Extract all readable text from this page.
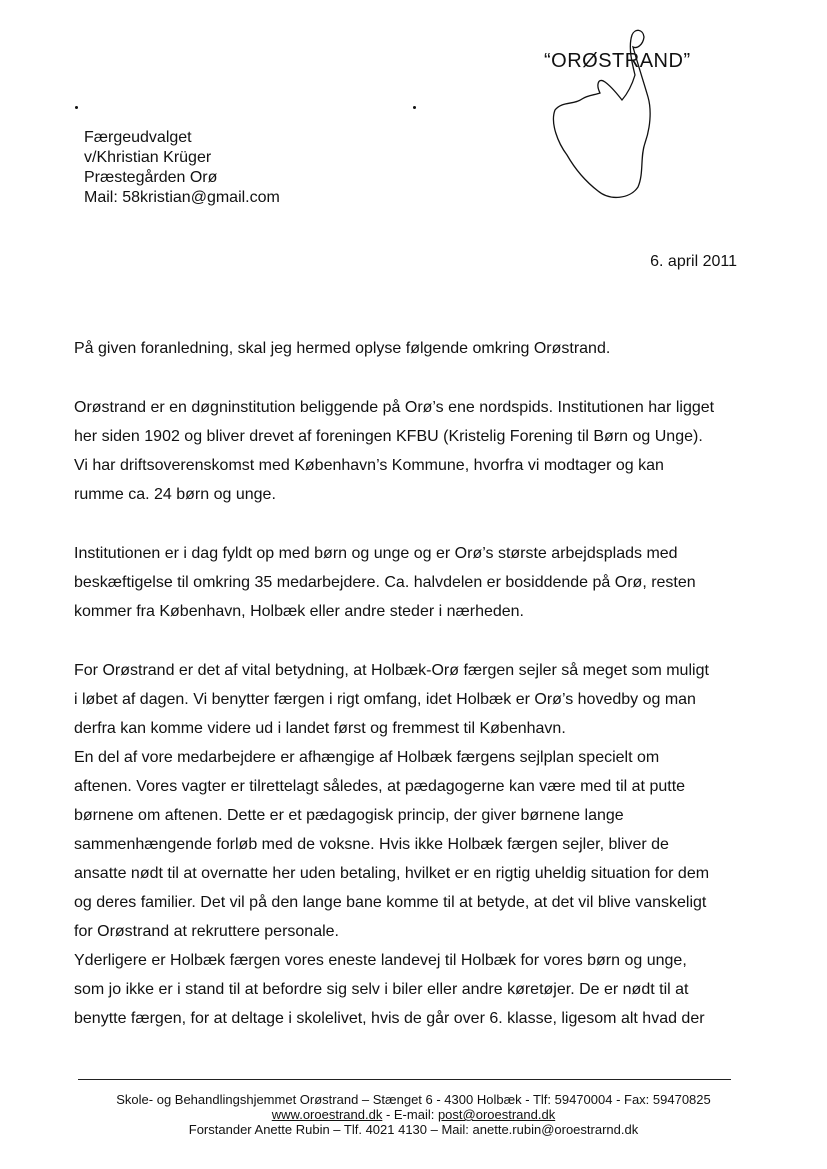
“ORØSTRAND”
Færgeudvalget
v/Khristian Krüger
Præstegården Orø
Mail: 58kristian@gmail.com
6. april 2011
På given foranledning, skal jeg hermed oplyse følgende omkring Orøstrand.
Orøstrand er en døgninstitution beliggende på Orø’s ene nordspids. Institutionen har ligget
her siden 1902 og bliver drevet af foreningen KFBU (Kristelig Forening til Børn og Unge).
Vi har driftsoverenskomst med København’s Kommune, hvorfra vi modtager og kan
rumme ca. 24 børn og unge.
Institutionen er i dag fyldt op med børn og unge og er Orø’s største arbejdsplads med
beskæftigelse til omkring 35 medarbejdere. Ca. halvdelen er bosiddende på Orø, resten
kommer fra København, Holbæk eller andre steder i nærheden.
For Orøstrand er det af vital betydning, at Holbæk-Orø færgen sejler så meget som muligt
i løbet af dagen. Vi benytter færgen i rigt omfang, idet Holbæk er Orø’s hovedby og man
derfra kan komme videre ud i landet først og fremmest til København.
En del af vore medarbejdere er afhængige af Holbæk færgens sejlplan specielt om
aftenen. Vores vagter er tilrettelagt således, at pædagogerne kan være med til at putte
børnene om aftenen. Dette er et pædagogisk princip, der giver børnene lange
sammenhængende forløb med de voksne. Hvis ikke Holbæk færgen sejler, bliver de
ansatte nødt til at overnatte her uden betaling, hvilket er en rigtig uheldig situation for dem
og deres familier. Det vil på den lange bane komme til at betyde, at det vil blive vanskeligt
for Orøstrand at rekruttere personale.
Yderligere er Holbæk færgen vores eneste landevej til Holbæk for vores børn og unge,
som jo ikke er i stand til at befordre sig selv i biler eller andre køretøjer. De er nødt til at
benytte færgen, for at deltage i skolelivet, hvis de går over 6. klasse, ligesom alt hvad der
Skole- og Behandlingshjemmet Orøstrand – Stænget 6 - 4300 Holbæk - Tlf: 59470004 - Fax: 59470825
www.oroestrand.dk - E-mail: post@oroestrand.dk
Forstander Anette Rubin – Tlf. 4021 4130 – Mail: anette.rubin@oroestrarnd.dk
